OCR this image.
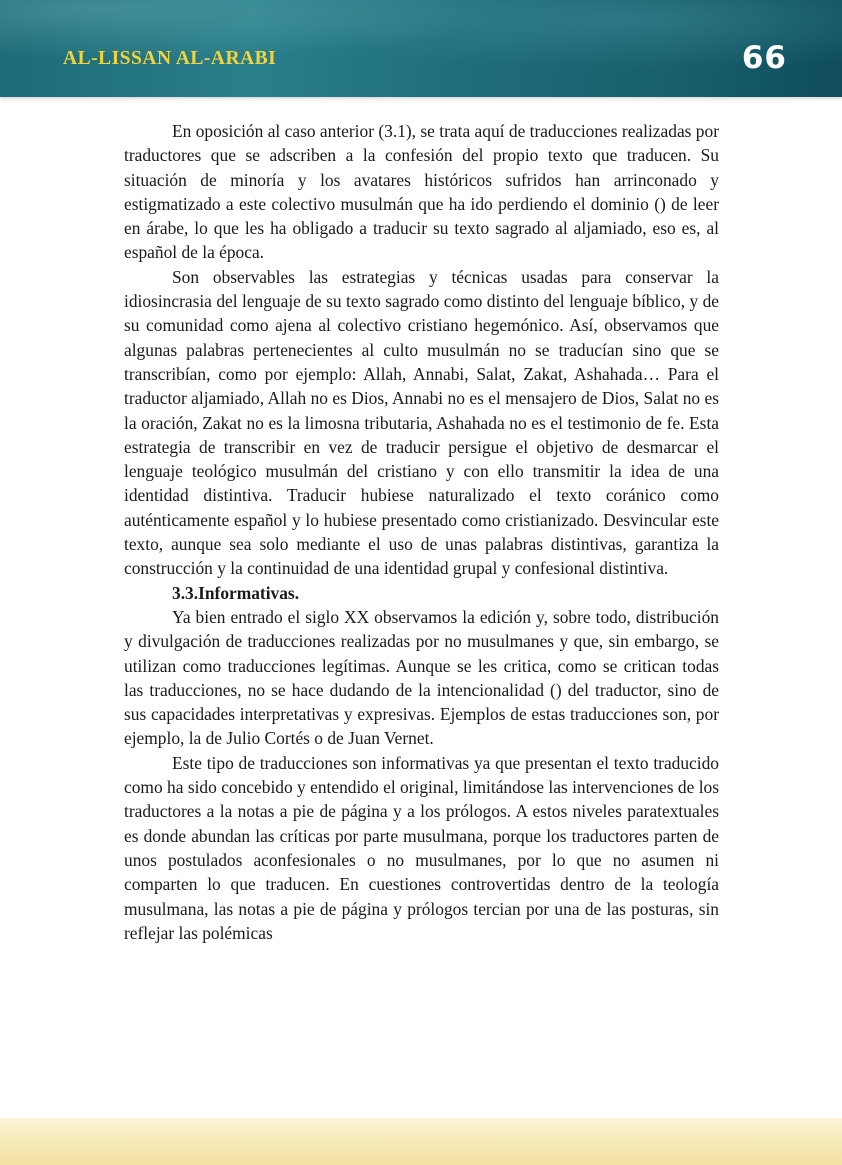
AL-LISSAN AL-ARABI	66

En oposición al caso anterior (3.1), se trata aquí de traducciones realizadas por traductores que se adscriben a la confesión del propio texto que traducen. Su situación de minoría y los avatares históricos sufridos han arrinconado y estigmatizado a este colectivo musulmán que ha ido perdiendo el dominio () de leer en árabe, lo que les ha obligado a traducir su texto sagrado al aljamiado, eso es, al español de la época.

Son observables las estrategias y técnicas usadas para conservar la idiosincrasia del lenguaje de su texto sagrado como distinto del lenguaje bíblico, y de su comunidad como ajena al colectivo cristiano hegemónico. Así, observamos que algunas palabras pertenecientes al culto musulmán no se traducían sino que se transcribían, como por ejemplo: Allah, Annabi, Salat, Zakat, Ashahada… Para el traductor aljamiado, Allah no es Dios, Annabi no es el mensajero de Dios, Salat no es la oración, Zakat no es la limosna tributaria, Ashahada no es el testimonio de fe. Esta estrategia de transcribir en vez de traducir persigue el objetivo de desmarcar el lenguaje teológico musulmán del cristiano y con ello transmitir la idea de una identidad distintiva. Traducir hubiese naturalizado el texto coránico como auténticamente español y lo hubiese presentado como cristianizado. Desvincular este texto, aunque sea solo mediante el uso de unas palabras distintivas, garantiza la construcción y la continuidad de una identidad grupal y confesional distintiva.

3.3.Informativas.

Ya bien entrado el siglo XX observamos la edición y, sobre todo, distribución y divulgación de traducciones realizadas por no musulmanes y que, sin embargo, se utilizan como traducciones legítimas. Aunque se les critica, como se critican todas las traducciones, no se hace dudando de la intencionalidad () del traductor, sino de sus capacidades interpretativas y expresivas. Ejemplos de estas traducciones son, por ejemplo, la de Julio Cortés o de Juan Vernet.

Este tipo de traducciones son informativas ya que presentan el texto traducido como ha sido concebido y entendido el original, limitándose las intervenciones de los traductores a la notas a pie de página y a los prólogos. A estos niveles paratextuales es donde abundan las críticas por parte musulmana, porque los traductores parten de unos postulados aconfesionales o no musulmanes, por lo que no asumen ni comparten lo que traducen. En cuestiones controvertidas dentro de la teología musulmana, las notas a pie de página y prólogos tercian por una de las posturas, sin reflejar las polémicas
